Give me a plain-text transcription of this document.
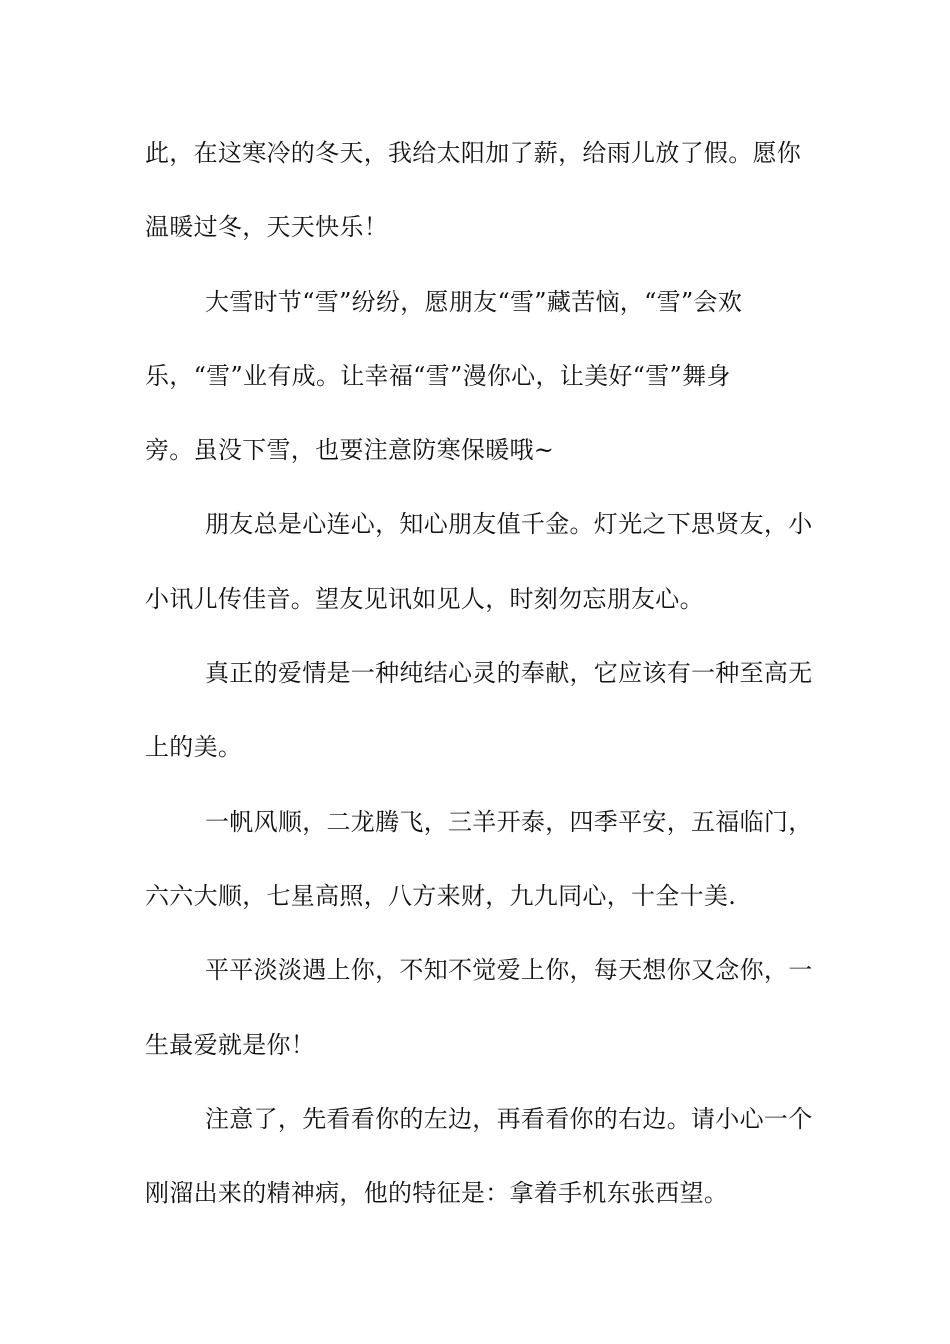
此，在这寒冷的冬天，我给太阳加了薪，给雨儿放了假。愿你
温暖过冬，天天快乐！
大雪时节“雪”纷纷，愿朋友“雪”藏苦恼，“雪”会欢
乐，“雪”业有成。让幸福“雪”漫你心，让美好“雪”舞身
旁。虽没下雪，也要注意防寒保暖哦~
朋友总是心连心，知心朋友值千金。灯光之下思贤友，小
小讯儿传佳音。望友见讯如见人，时刻勿忘朋友心。
真正的爱情是一种纯结心灵的奉献，它应该有一种至高无
上的美。
一帆风顺，二龙腾飞，三羊开泰，四季平安，五福临门，
六六大顺，七星高照，八方来财，九九同心，十全十美.
平平淡淡遇上你，不知不觉爱上你，每天想你又念你，一
生最爱就是你！
注意了，先看看你的左边，再看看你的右边。请小心一个
刚溜出来的精神病，他的特征是：拿着手机东张西望。
